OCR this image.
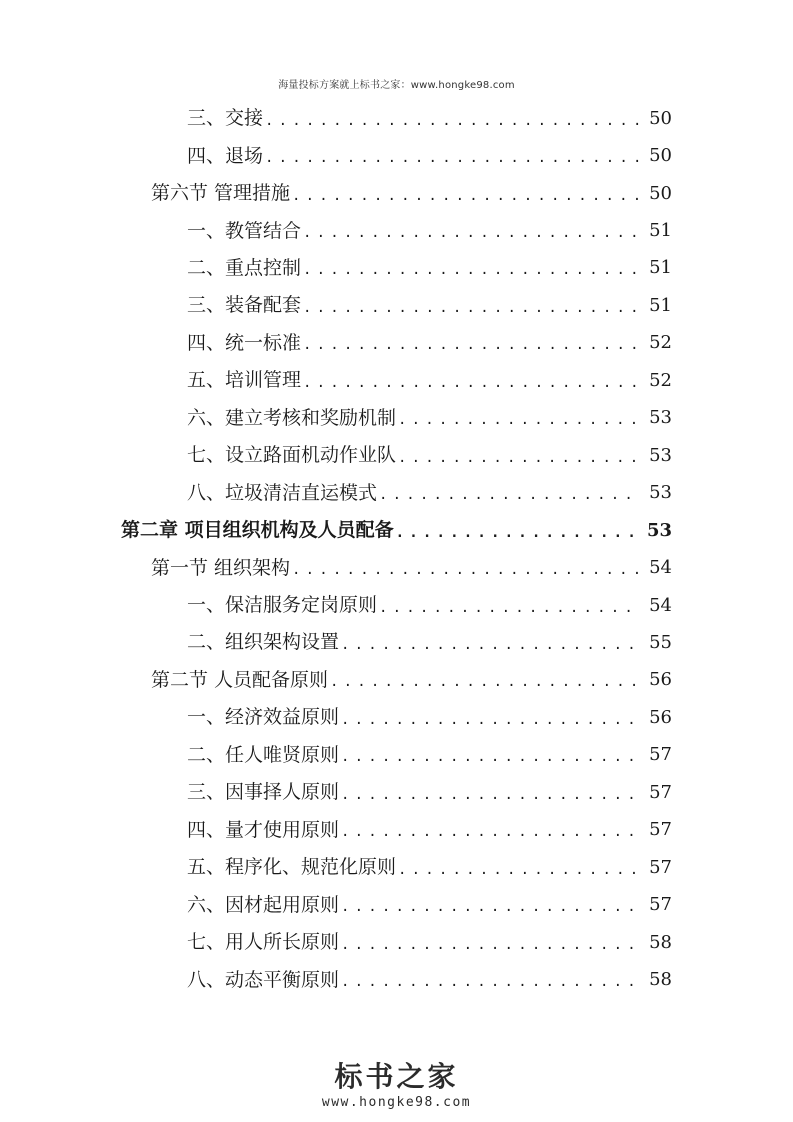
海量投标方案就上标书之家：www.hongke98.com
三、交接 .....	50
四、退场 .....	50
第六节 管理措施 .....	50
一、教管结合 .....	51
二、重点控制 .....	51
三、装备配套 .....	51
四、统一标准 .....	52
五、培训管理 .....	52
六、建立考核和奖励机制 .....	53
七、设立路面机动作业队 .....	53
八、垃圾清洁直运模式 .....	53
第二章 项目组织机构及人员配备 .....	53
第一节 组织架构 .....	54
一、保洁服务定岗原则 .....	54
二、组织架构设置 .....	55
第二节 人员配备原则 .....	56
一、经济效益原则 .....	56
二、任人唯贤原则 .....	57
三、因事择人原则 .....	57
四、量才使用原则 .....	57
五、程序化、规范化原则 .....	57
六、因材起用原则 .....	57
七、用人所长原则 .....	58
八、动态平衡原则 .....	58
标书之家
www.hongke98.com
